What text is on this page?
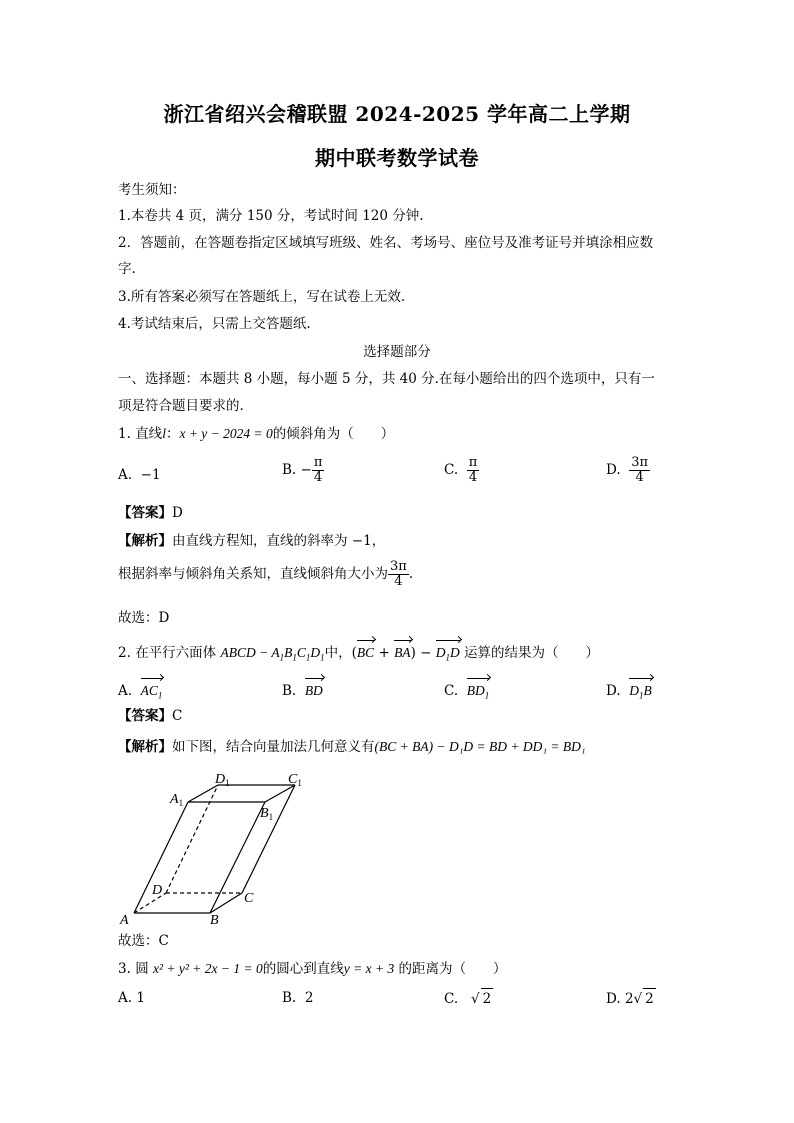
浙江省绍兴会稽联盟 2024-2025 学年高二上学期
期中联考数学试卷
考生须知：
1.本卷共 4 页，满分 150 分，考试时间 120 分钟.
2．答题前，在答题卷指定区域填写班级、姓名、考场号、座位号及准考证号并填涂相应数
字.
3.所有答案必须写在答题纸上，写在试卷上无效.
4.考试结束后，只需上交答题纸.
选择题部分
一、选择题：本题共 8 小题，每小题 5 分，共 40 分.在每小题给出的四个选项中，只有一
项是符合题目要求的.
1. 直线l：x + y − 2024 = 0的倾斜角为（　　）
A. −1	B. − $\frac{\pi}{4}$	C. $\frac{\pi}{4}$	D. $\frac{3\pi}{4}$
【答案】D
【解析】由直线方程知，直线的斜率为 −1，
根据斜率与倾斜角关系知，直线倾斜角大小为 $\frac{3\pi}{4}$ .
故选：D
2. 在平行六面体 ABCD − $A_1B_1C_1D_1$中，$(BC + BA) - D_1D$ 运算的结果为（　　）
A. $AC_1$	B. BD	C. $BD_1$	D. $D_1B$
【答案】C
【解析】如下图，结合向量加法几何意义有(BC + BA) − D₁D = BD + DD₁ = BD₁
A	B
C
D
$A_1$
$B_1$
$C_1$
$D_1$
故选：C
3. 圆 x² + y² + 2x − 1 = 0的圆心到直线y = x + 3 的距离为（　　）
A. 1	B. 2	C.   √ 2	D. 2√ 2
